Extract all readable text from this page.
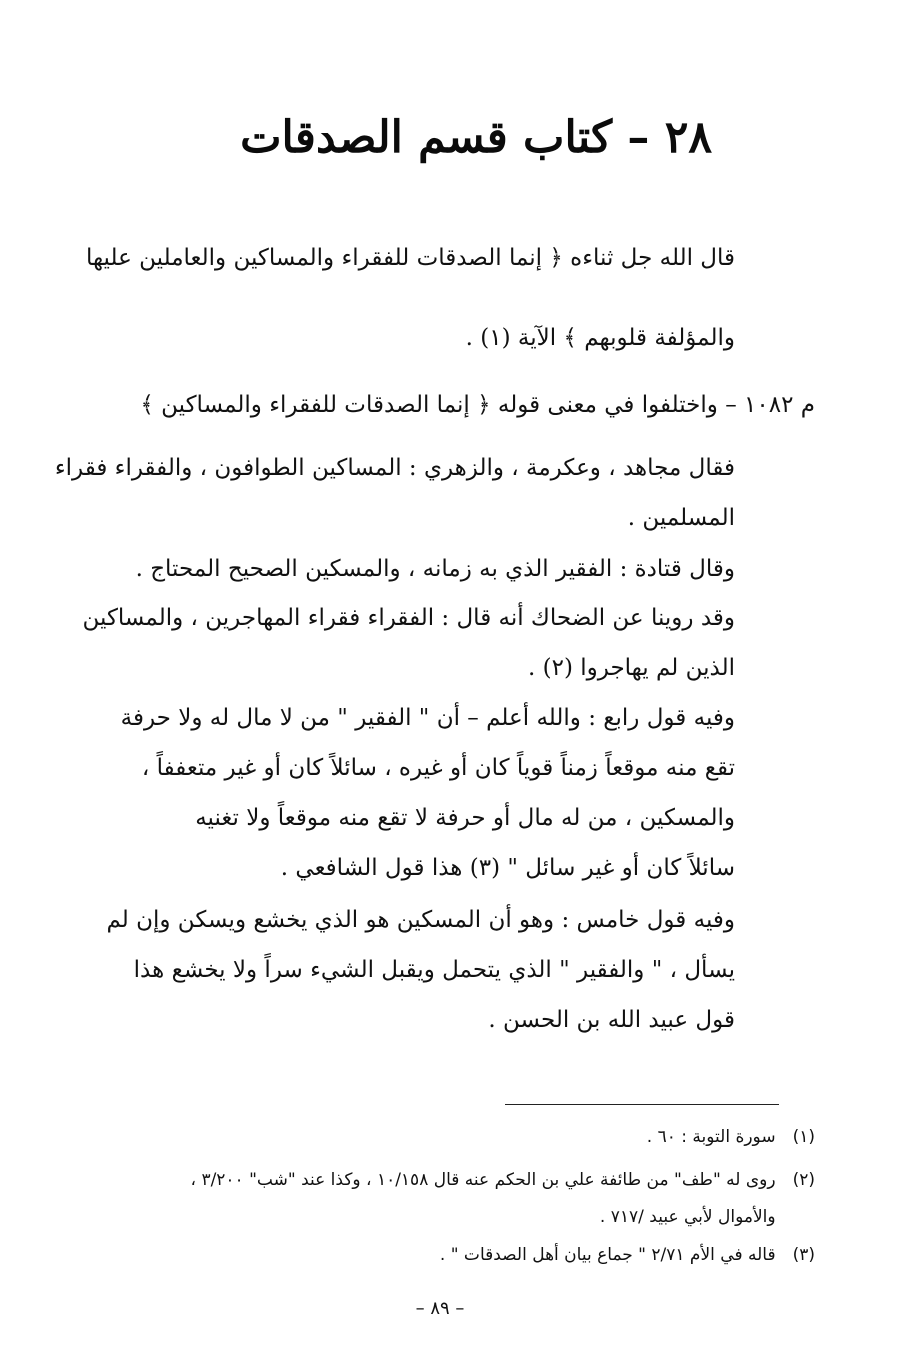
٢٨ – كتاب قسم الصدقات
قال الله جل ثناءه ﴿ إنما الصدقات للفقراء والمساكين والعاملين عليها
والمؤلفة قلوبهم ﴾ الآية (١) .
م ١٠٨٢ – واختلفوا في معنى قوله ﴿ إنما الصدقات للفقراء والمساكين ﴾
فقال مجاهد ، وعكرمة ، والزهري : المساكين الطوافون ، والفقراء فقراء
المسلمين .
وقال قتادة : الفقير الذي به زمانه ، والمسكين الصحيح المحتاج .
وقد روينا عن الضحاك أنه قال : الفقراء فقراء المهاجرين ، والمساكين
الذين لم يهاجروا (٢) .
وفيه قول رابع : والله أعلم – أن " الفقير " من لا مال له ولا حرفة
تقع منه موقعاً زمناً قوياً كان أو غيره ، سائلاً كان أو غير متعففاً ،
والمسكين ، من له مال أو حرفة لا تقع منه موقعاً ولا تغنيه
سائلاً كان أو غير سائل " (٣) هذا قول الشافعي .
وفيه قول خامس : وهو أن المسكين هو الذي يخشع ويسكن وإن لم
يسأل ، " والفقير " الذي يتحمل ويقبل الشيء سراً ولا يخشع هذا
قول عبيد الله بن الحسن .
(١) سورة التوبة : ٦٠ .
(٢) روى له "طف" من طائفة علي بن الحكم عنه قال ١٠/١٥٨ ، وكذا عند "شب" ٣/٢٠٠ ،
والأموال لأبي عبيد /٧١٧ .
(٣) قاله في الأم ٢/٧١ " جماع بيان أهل الصدقات " .
– ٨٩ –
